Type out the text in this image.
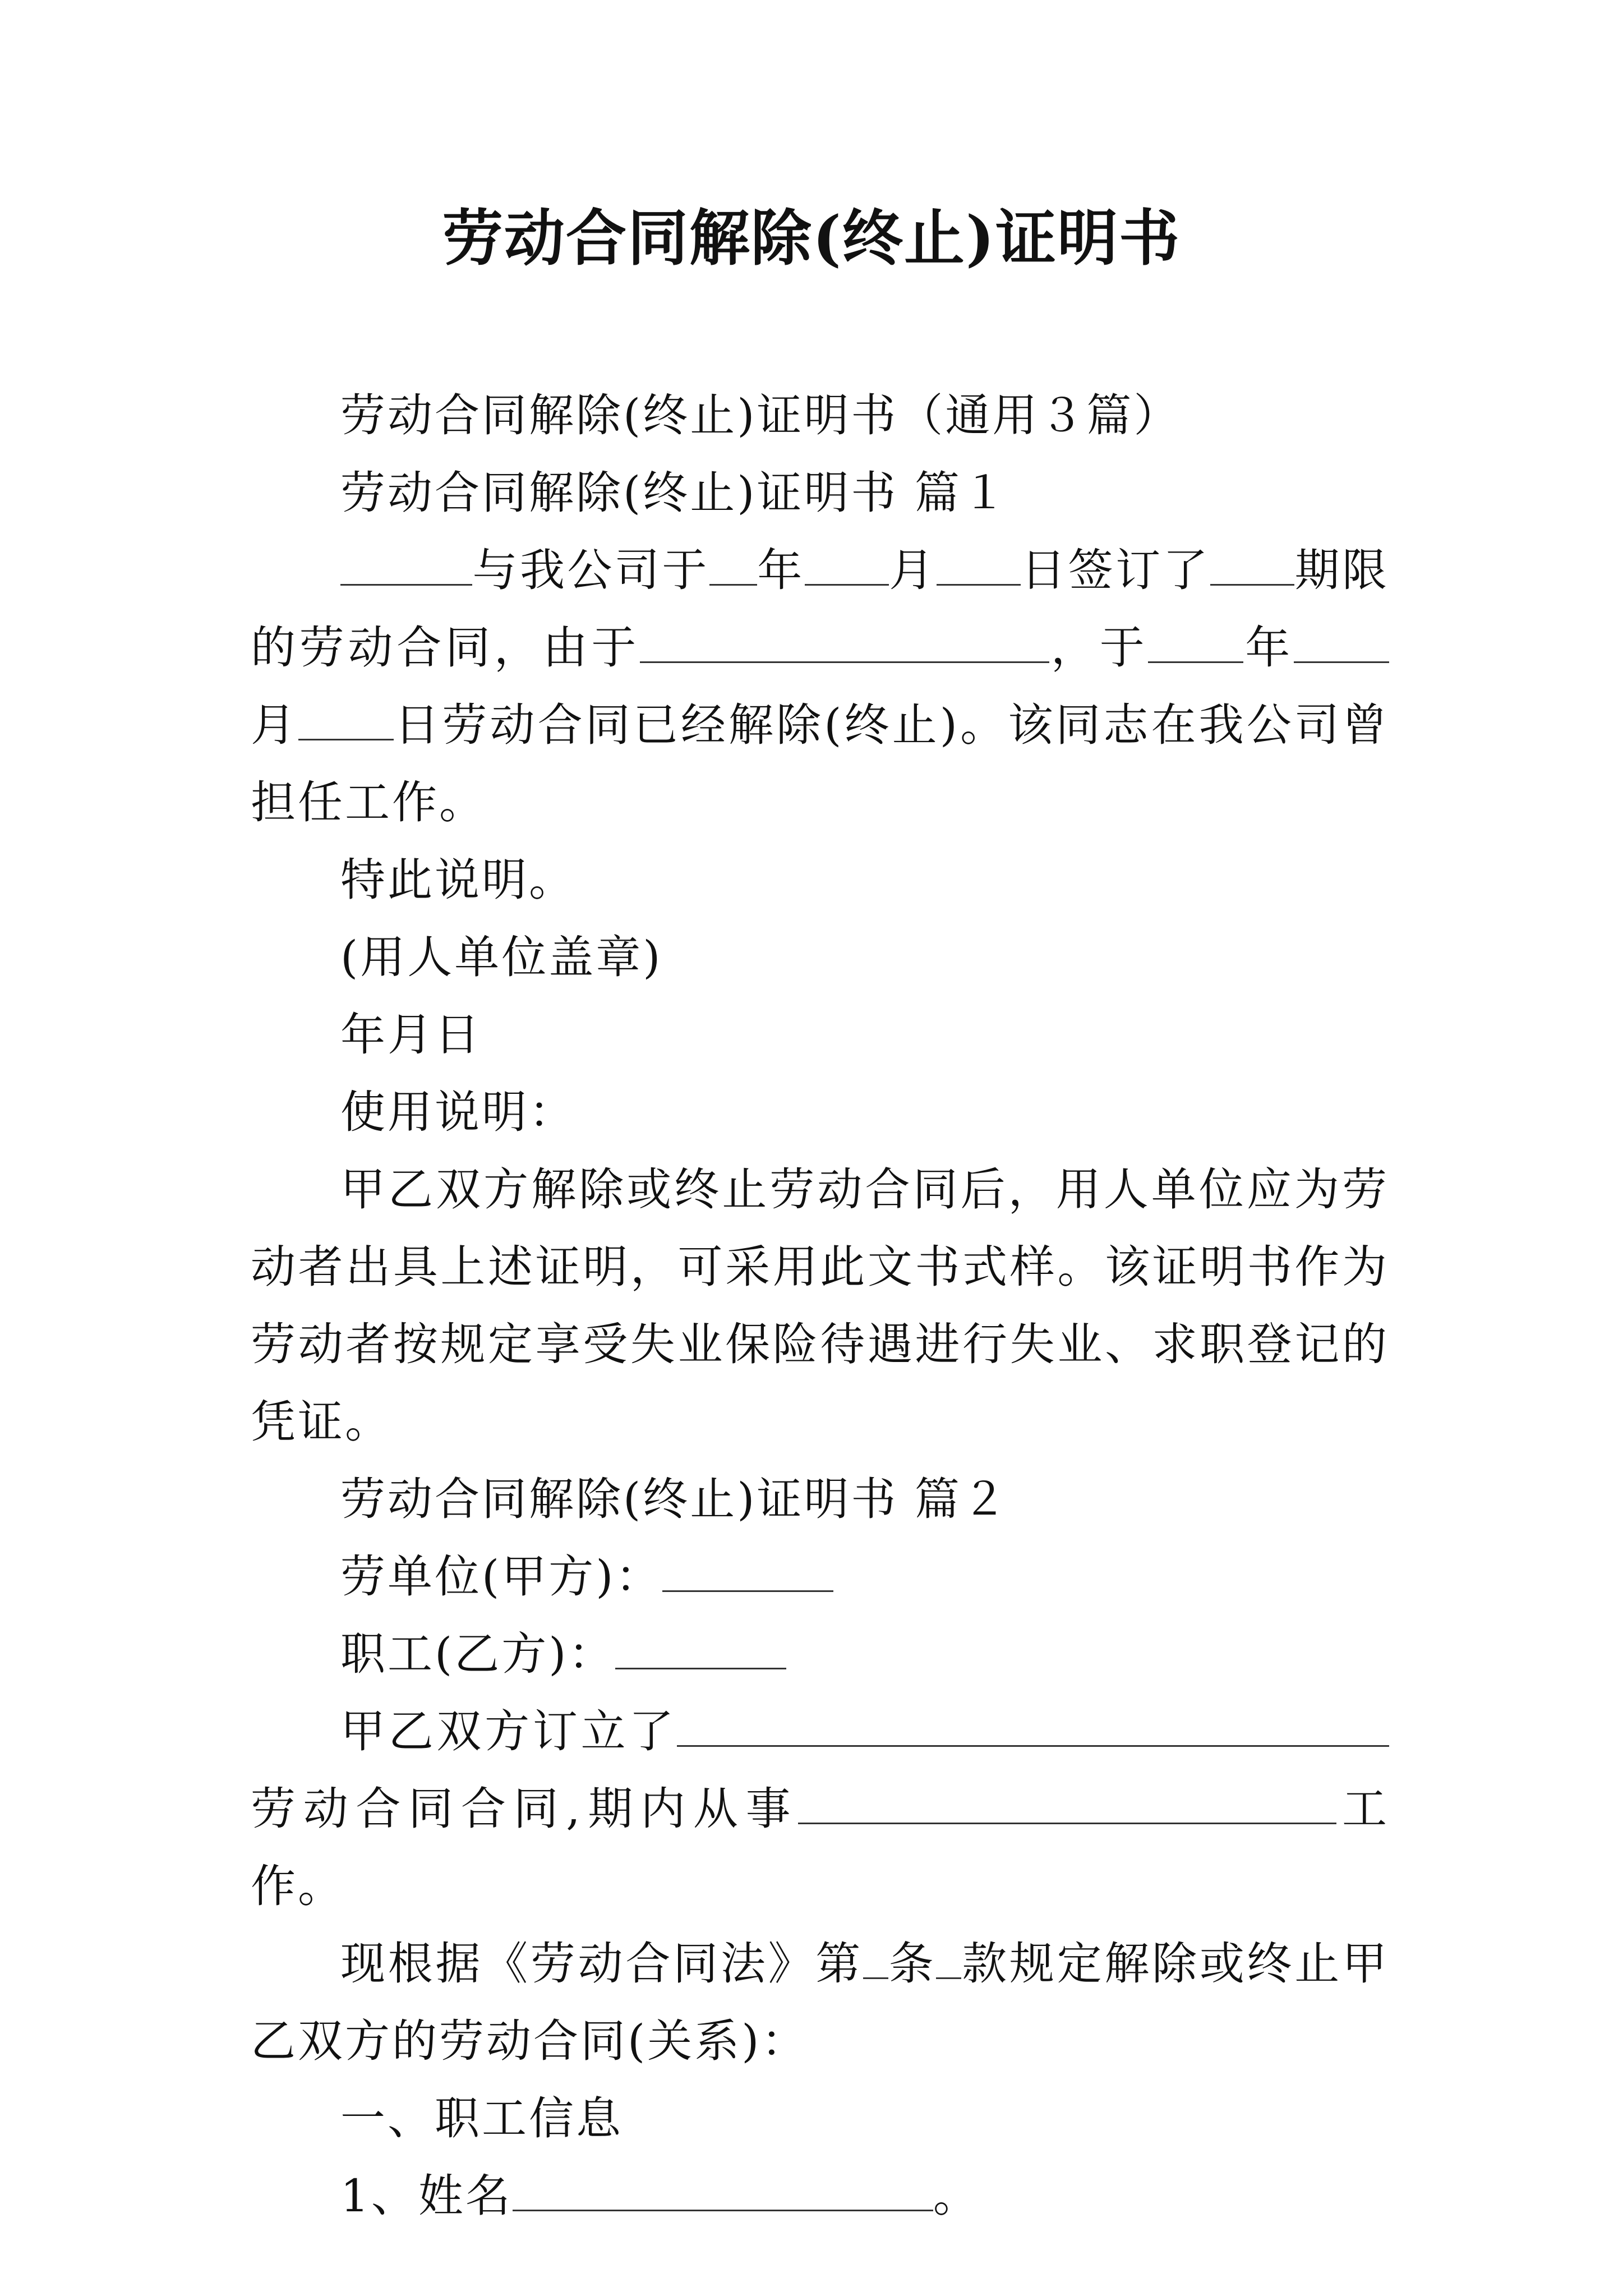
劳动合同解除(终止)证明书

劳动合同解除(终止)证明书（通用３篇）

劳动合同解除(终止)证明书 篇１

与我公司于 年 月 日签订了 期限的劳动合同，由于	，于 年月 日劳动合同已经解除(终止)。该同志在我公司曾担任工作。

特此说明。

(用人单位盖章)

年月日

使用说明：

甲乙双方解除或终止劳动合同后，用人单位应为劳动者出具上述证明，可采用此文书式样。该证明书作为劳动者按规定享受失业保险待遇进行失业、求职登记的凭证。

劳动合同解除(终止)证明书 篇２

劳单位(甲方)：

职工(乙方)：

甲乙双方订立了劳动合同合同,期内从事	工作。

现根据《劳动合同法》第 条 款规定解除或终止甲乙双方的劳动合同(关系)：

一、职工信息

1、姓名	。
